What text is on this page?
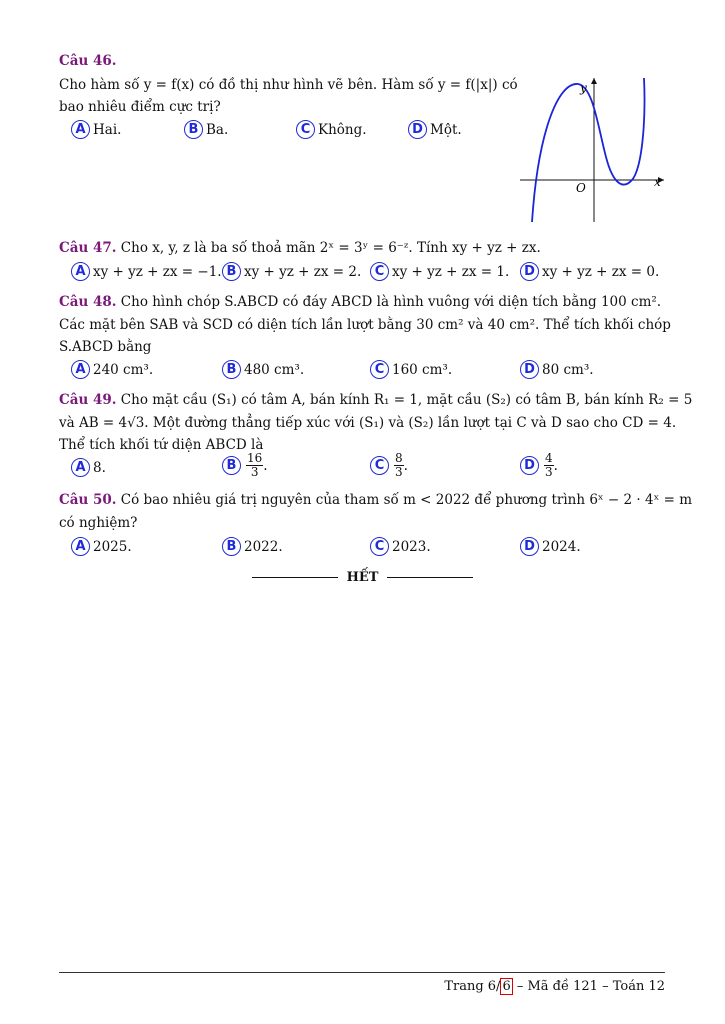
Câu 46.
Cho hàm số y = f(x) có đồ thị như hình vẽ bên. Hàm số y = f(|x|) có
bao nhiêu điểm cực trị?
A Hai.	B Ba.	C Không.	D Một.
x
y
O
Câu 47. Cho x, y, z là ba số thoả mãn 2ˣ = 3ʸ = 6⁻ᶻ. Tính xy + yz + zx.
A xy + yz + zx = −1. B xy + yz + zx = 2.	C xy + yz + zx = 1.	D xy + yz + zx = 0.
Câu 48. Cho hình chóp S.ABCD có đáy ABCD là hình vuông với diện tích bằng 100 cm².
Các mặt bên SAB và SCD có diện tích lần lượt bằng 30 cm² và 40 cm². Thể tích khối chóp
S.ABCD bằng
A 240 cm³.	B 480 cm³.	C 160 cm³.	D 80 cm³.
Câu 49. Cho mặt cầu (S₁) có tâm A, bán kính R₁ = 1, mặt cầu (S₂) có tâm B, bán kính R₂ = 5
và AB = 4√3. Một đường thẳng tiếp xúc với (S₁) và (S₂) lần lượt tại C và D sao cho CD = 4.
Thể tích khối tứ diện ABCD là
A 8.	B $\frac{16}{3}$ .	C $\frac{8}{3}$ .	D $\frac{4}{3}$ .
Câu 50. Có bao nhiêu giá trị nguyên của tham số m < 2022 để phương trình 6ˣ − 2 · 4ˣ = m
có nghiệm?
A 2025.	B 2022.	C 2023.	D 2024.
HẾT
Trang 6/ 6 – Mã đề 121 – Toán 12
